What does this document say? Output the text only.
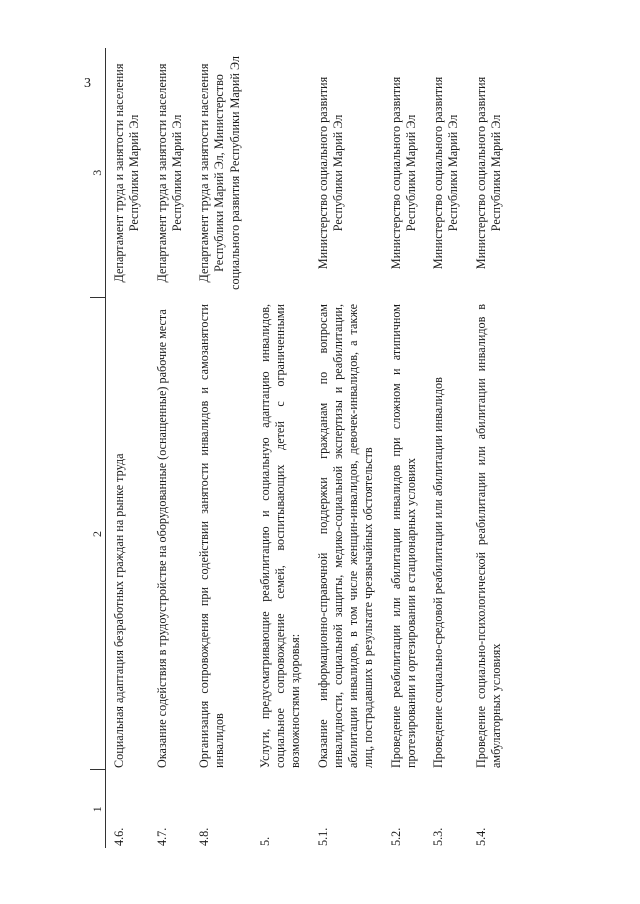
3
1	2	3
4.6.	Социальная адаптация безработных граждан на рынке труда	Департамент труда и занятости населения Республики Марий Эл
4.7.	Оказание содействия в трудоустройстве на оборудованные (оснащенные) рабочие места	Департамент труда и занятости населения Республики Марий Эл
4.8.	Организация сопровождения при содействии занятости инвалидов и самозанятости инвалидов	Департамент труда и занятости населения Республики Марий Эл, Министерство социального развития Республики Марий Эл
5.	Услуги, предусматривающие реабилитацию и социальную адаптацию инвалидов, социальное сопровождение семей, воспитывающих детей с ограниченными возможностями здоровья:	
5.1.	Оказание информационно-справочной поддержки гражданам по вопросам инвалидности, социальной защиты, медико-социальной экспертизы и реабилитации, абилитации инвалидов, в том числе женщин-инвалидов, девочек-инвалидов, а также лиц, пострадавших в результате чрезвычайных обстоятельств	Министерство социального развития Республики Марий Эл
5.2.	Проведение реабилитации или абилитации инвалидов при сложном и атипичном протезировании и ортезировании в стационарных условиях	Министерство социального развития Республики Марий Эл
5.3.	Проведение социально-средовой реабилитации или абилитации инвалидов	Министерство социального развития Республики Марий Эл
5.4.	Проведение социально-психологической реабилитации или абилитации инвалидов в амбулаторных условиях	Министерство социального развития Республики Марий Эл
